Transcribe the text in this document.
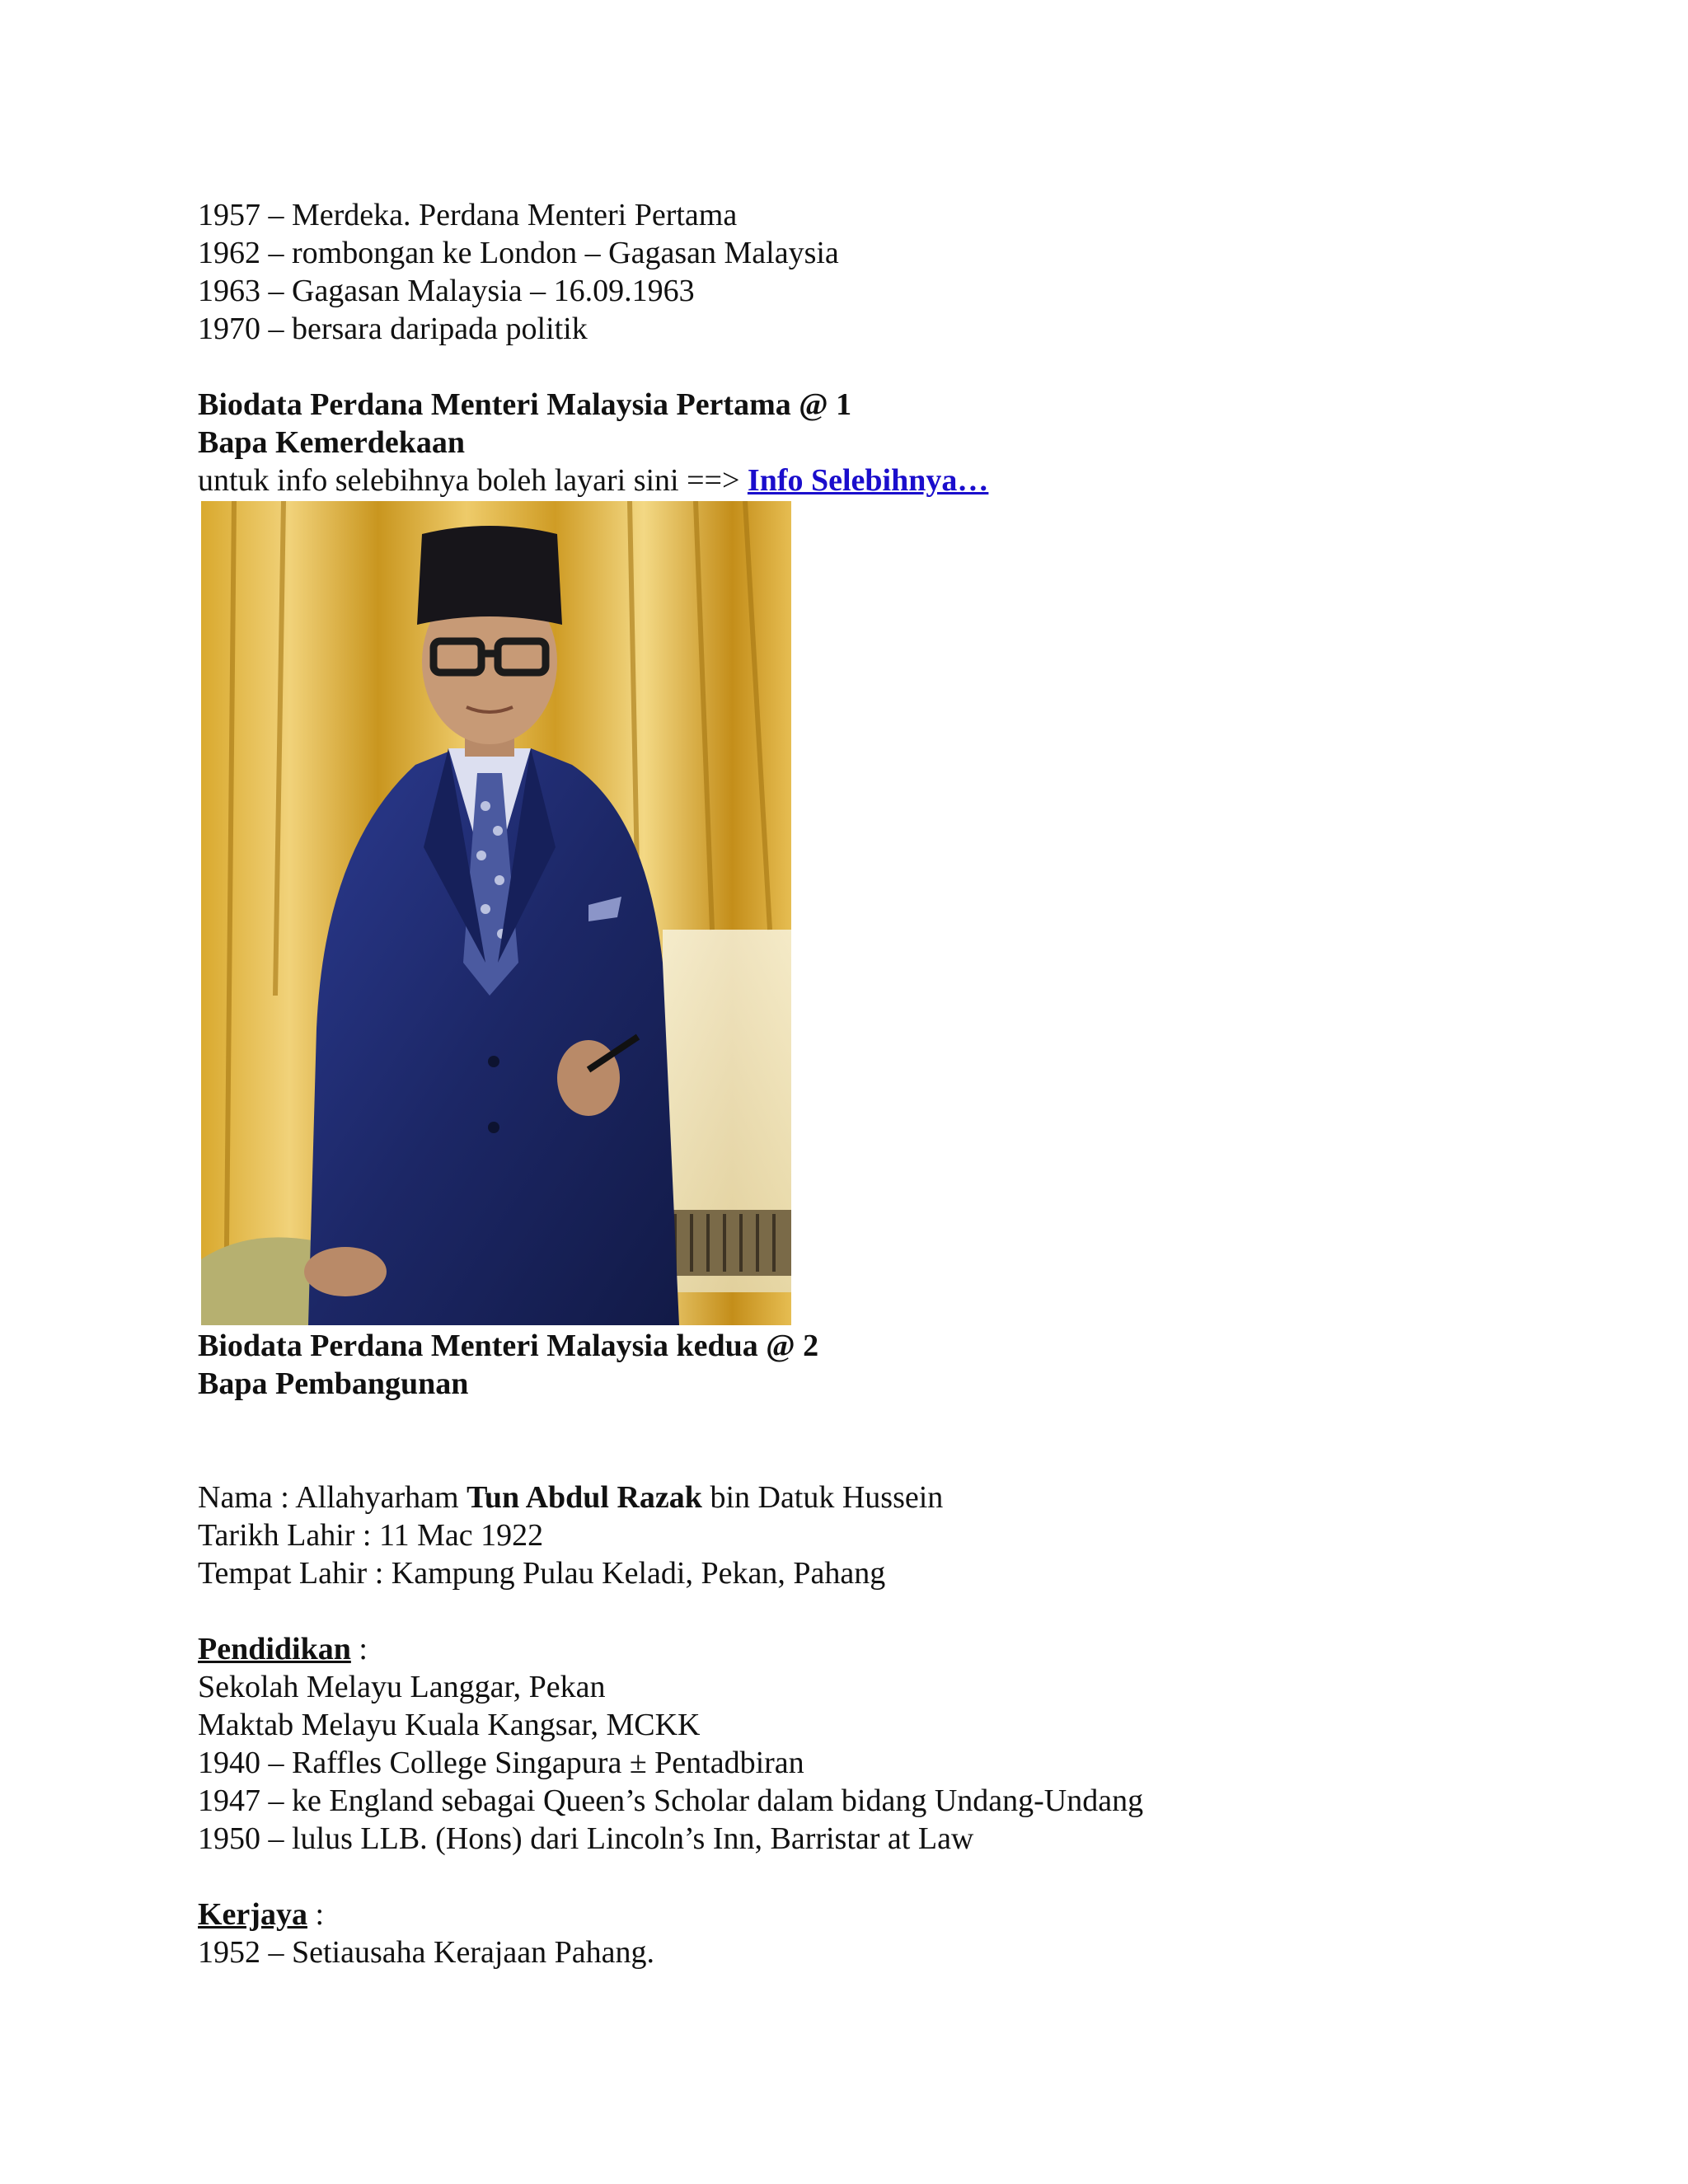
1957 – Merdeka. Perdana Menteri Pertama
1962 – rombongan ke London – Gagasan Malaysia
1963 – Gagasan Malaysia – 16.09.1963
1970 – bersara daripada politik
Biodata Perdana Menteri Malaysia Pertama @ 1
Bapa Kemerdekaan
untuk info selebihnya boleh layari sini ==> Info Selebihnya…
Biodata Perdana Menteri Malaysia kedua @ 2
Bapa Pembangunan
Nama : Allahyarham Tun Abdul Razak bin Datuk Hussein
Tarikh Lahir : 11 Mac 1922
Tempat Lahir : Kampung Pulau Keladi, Pekan, Pahang
Pendidikan :
Sekolah Melayu Langgar, Pekan
Maktab Melayu Kuala Kangsar, MCKK
1940 – Raffles College Singapura ± Pentadbiran
1947 – ke England sebagai Queen’s Scholar dalam bidang Undang-Undang
1950 – lulus LLB. (Hons) dari Lincoln’s Inn, Barristar at Law
Kerjaya :
1952 – Setiausaha Kerajaan Pahang.
